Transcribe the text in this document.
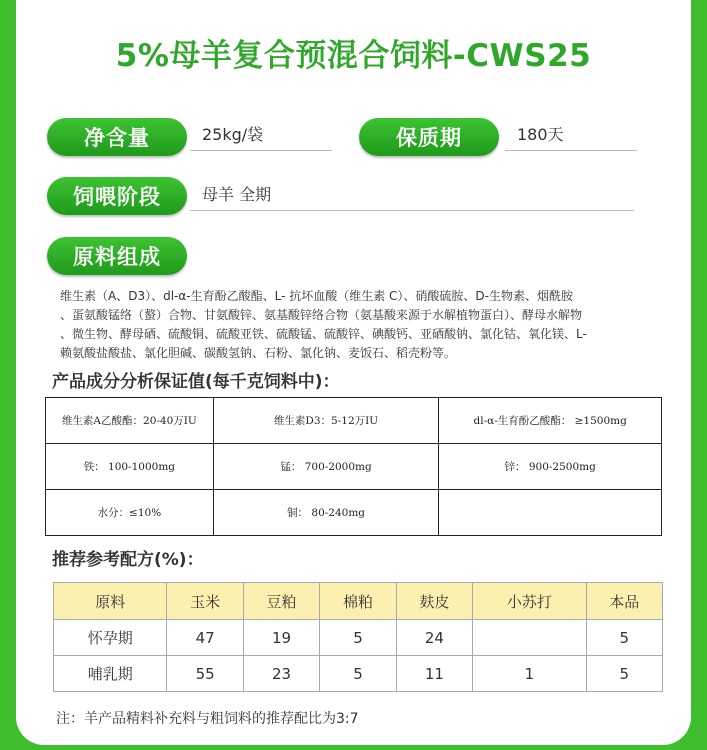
5%母羊复合预混合饲料-CWS25
净含量	25kg/袋	保质期	180天
饲喂阶段	母羊 全期
原料组成
维生素（A、D3）、dl-α-生育酚乙酸酯、L- 抗坏血酸（维生素 C）、硝酸硫胺、D-生物素、烟酰胺
、蛋氨酸锰络（螯）合物、甘氨酸锌、氨基酸锌络合物（氨基酸来源于水解植物蛋白）、酵母水解物
、微生物、酵母硒、硫酸铜、硫酸亚铁、硫酸锰、硫酸锌、碘酸钙、亚硒酸钠、氯化钴、氧化镁、L-
赖氨酸盐酸盐、氯化胆碱、碳酸氢钠、石粉、氯化钠、麦饭石、稻壳粉等。
产品成分分析保证值(每千克饲料中)：
维生素A乙酸酯：20-40万IU	维生素D3：5-12万IU	dl-α-生育酚乙酸酯： ≥1500mg
铁： 100-1000mg	锰： 700-2000mg	锌： 900-2500mg
水分：≤10%	铜： 80-240mg	
推荐参考配方(%)：
原料	玉米	豆粕	棉粕	麸皮	小苏打	本品
怀孕期	47	19	5	24		5
哺乳期	55	23	5	11	1	5
注：羊产品精料补充料与粗饲料的推荐配比为3:7
